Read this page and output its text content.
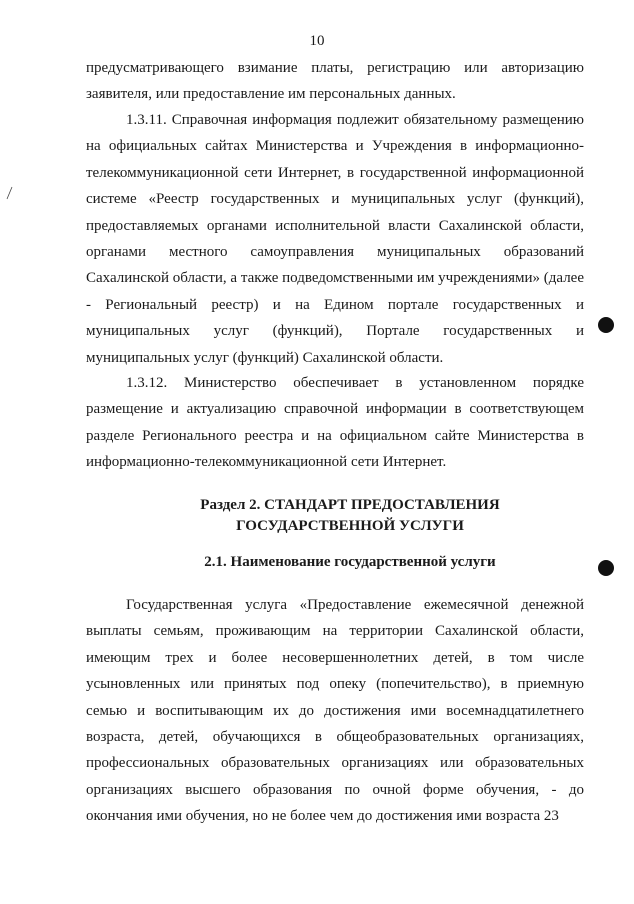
10

предусматривающего взимание платы, регистрацию или авторизацию заявителя, или предоставление им персональных данных.

1.3.11. Справочная информация подлежит обязательному размещению на официальных сайтах Министерства и Учреждения в информационно-телекоммуникационной сети Интернет, в государственной информационной системе «Реестр государственных и муниципальных услуг (функций), предоставляемых органами исполнительной власти Сахалинской области, органами местного самоуправления муниципальных образований Сахалинской области, а также подведомственными им учреждениями» (далее - Региональный реестр) и на Едином портале государственных и муниципальных услуг (функций), Портале государственных и муниципальных услуг (функций) Сахалинской области.

1.3.12. Министерство обеспечивает в установленном порядке размещение и актуализацию справочной информации в соответствующем разделе Регионального реестра и на официальном сайте Министерства в информационно-телекоммуникационной сети Интернет.

Раздел 2. СТАНДАРТ ПРЕДОСТАВЛЕНИЯ
ГОСУДАРСТВЕННОЙ УСЛУГИ
2.1. Наименование государственной услуги

Государственная услуга «Предоставление ежемесячной денежной выплаты семьям, проживающим на территории Сахалинской области, имеющим трех и более несовершеннолетних детей, в том числе усыновленных или принятых под опеку (попечительство), в приемную семью и воспитывающим их до достижения ими восемнадцатилетнего возраста, детей, обучающихся в общеобразовательных организациях, профессиональных образовательных организациях или образовательных организациях высшего образования по очной форме обучения, - до окончания ими обучения, но не более чем до достижения ими возраста 23
